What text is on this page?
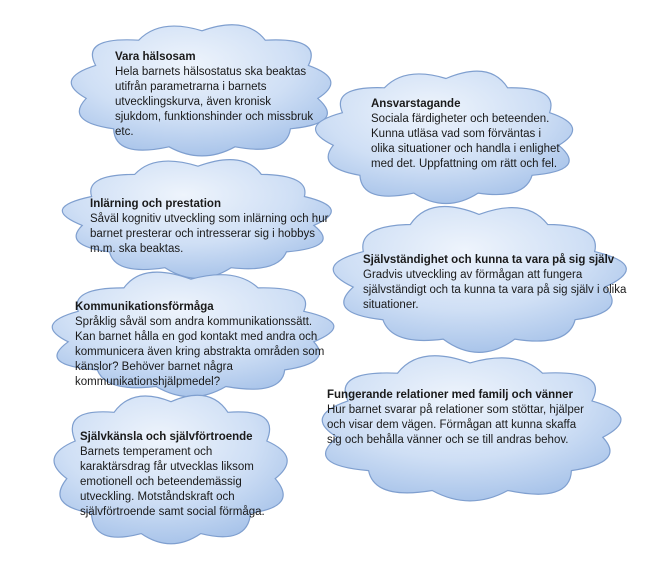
Vara hälsosam
Hela barnets hälsostatus ska beaktas utifrån parametrarna i barnets utvecklingskurva, även kronisk sjukdom, funktionshinder och missbruk etc.
Ansvarstagande
Sociala färdigheter och beteenden. Kunna utläsa vad som förväntas i olika situationer och handla i enlighet med det. Uppfattning om rätt och fel.
Inlärning och prestation
Såväl kognitiv utveckling som inlärning och hur barnet presterar och intresserar sig i hobbys m.m. ska beaktas.
Självständighet och kunna ta vara på sig själv
Gradvis utveckling av förmågan att fungera självständigt och ta kunna ta vara på sig själv i olika situationer.
Kommunikationsförmåga
Språklig såväl som andra kommunikationssätt. Kan barnet hålla en god kontakt med andra och kommunicera även kring abstrakta områden som känslor? Behöver barnet några kommunikationshjälpmedel?
Fungerande relationer med familj och vänner
Hur barnet svarar på relationer som stöttar, hjälper och visar dem vägen. Förmågan att kunna skaffa sig och behålla vänner och se till andras behov.
Självkänsla och självförtroende
Barnets temperament och karaktärsdrag får utvecklas liksom emotionell och beteendemässig utveckling. Motståndskraft och självförtroende samt social förmåga.
